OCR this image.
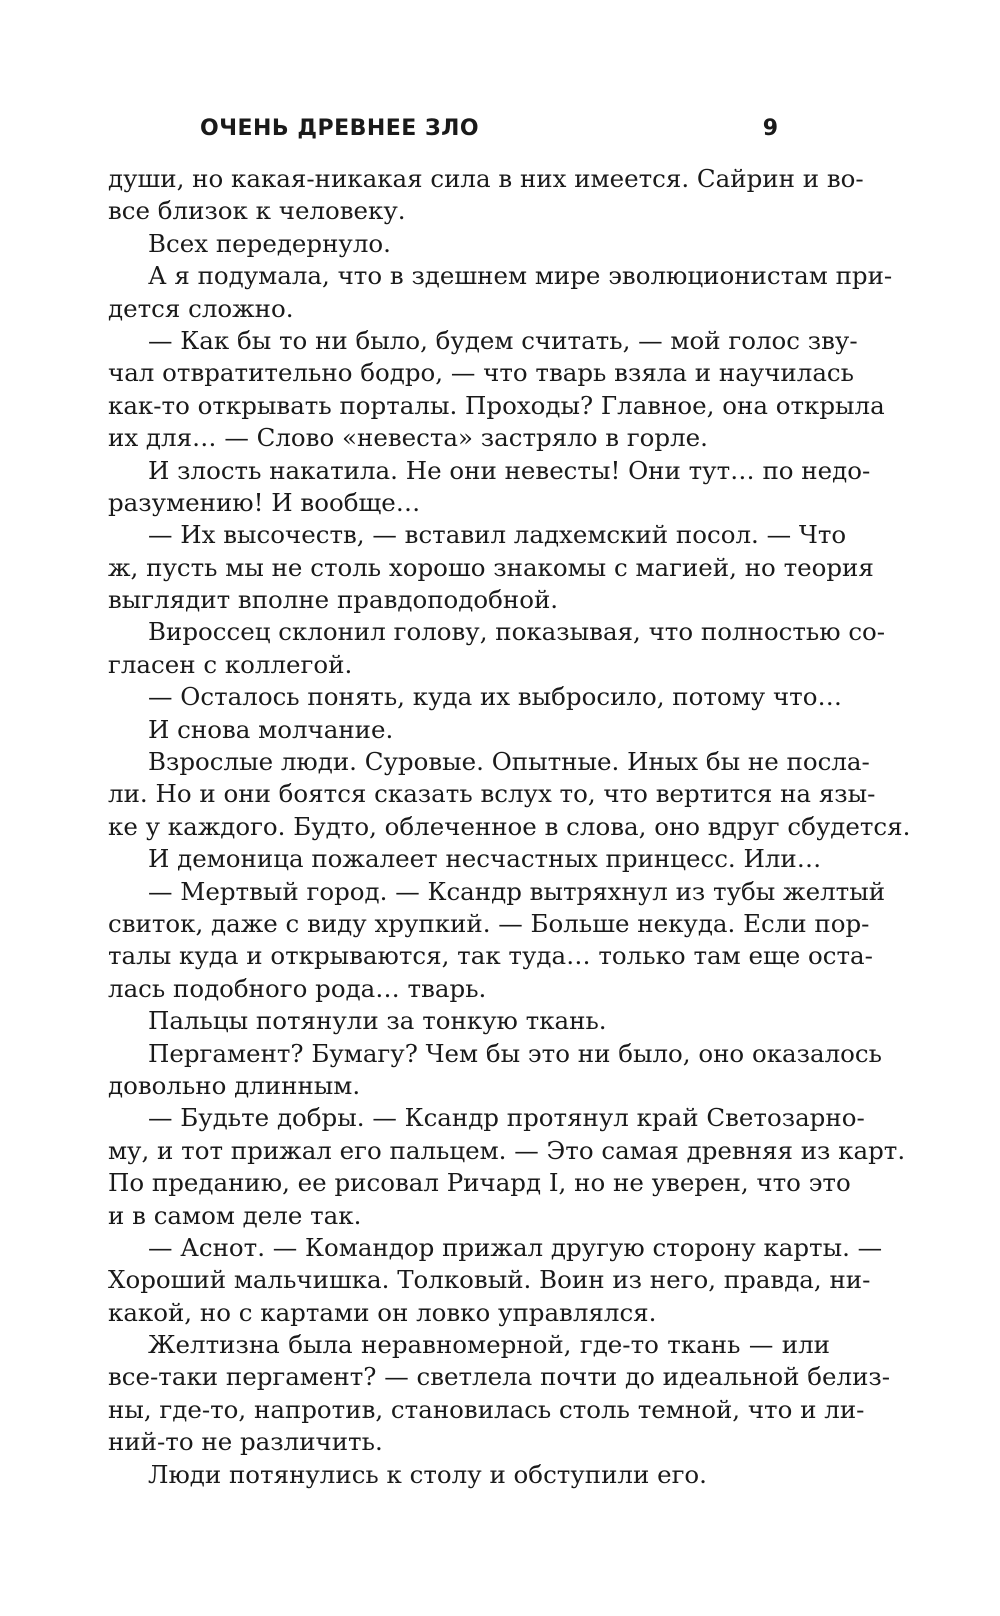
ОЧЕНЬ ДРЕВНЕЕ ЗЛО	9
души, но какая-никакая сила в них имеется. Сайрин и во-
все близок к человеку.
Всех передернуло.
А я подумала, что в здешнем мире эволюционистам при-
дется сложно.
— Как бы то ни было, будем считать, — мой голос зву-
чал отвратительно бодро, — что тварь взяла и научилась
как-то открывать порталы. Проходы? Главное, она открыла
их для… — Слово «невеста» застряло в горле.
И злость накатила. Не они невесты! Они тут… по недо-
разумению! И вообще…
— Их высочеств, — вставил ладхемский посол. — Что
ж, пусть мы не столь хорошо знакомы с магией, но теория
выглядит вполне правдоподобной.
Вироссец склонил голову, показывая, что полностью со-
гласен с коллегой.
— Осталось понять, куда их выбросило, потому что…
И снова молчание.
Взрослые люди. Суровые. Опытные. Иных бы не посла-
ли. Но и они боятся сказать вслух то, что вертится на язы-
ке у каждого. Будто, облеченное в слова, оно вдруг сбудется.
И демоница пожалеет несчастных принцесс. Или…
— Мертвый город. — Ксандр вытряхнул из тубы желтый
свиток, даже с виду хрупкий. — Больше некуда. Если пор-
талы куда и открываются, так туда… только там еще оста-
лась подобного рода… тварь.
Пальцы потянули за тонкую ткань.
Пергамент? Бумагу? Чем бы это ни было, оно оказалось
довольно длинным.
— Будьте добры. — Ксандр протянул край Светозарно-
му, и тот прижал его пальцем. — Это самая древняя из карт.
По преданию, ее рисовал Ричард I, но не уверен, что это
и в самом деле так.
— Аснот. — Командор прижал другую сторону карты. —
Хороший мальчишка. Толковый. Воин из него, правда, ни-
какой, но с картами он ловко управлялся.
Желтизна была неравномерной, где-то ткань — или
все-таки пергамент? — светлела почти до идеальной белиз-
ны, где-то, напротив, становилась столь темной, что и ли-
ний-то не различить.
Люди потянулись к столу и обступили его.
